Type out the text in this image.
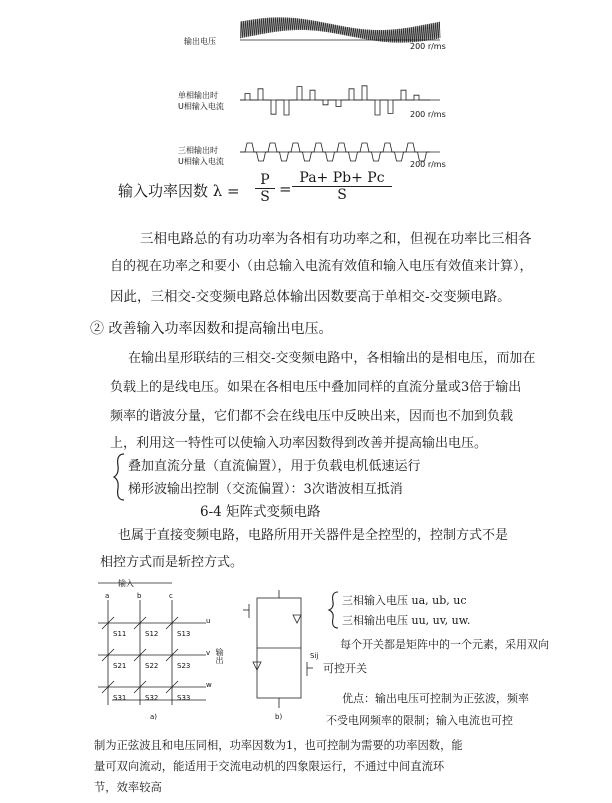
输出电压
200 r/ms
单相输出时
U相输入电流
200 r/ms
三相输出时
U相输入电流	200 r/ms
输入功率因数 λ =
P
$S = \frac{Pa+ Pb+ Pc}{S}$
三相电路总的有功功率为各相有功功率之和，但视在功率比三相各
自的视在功率之和要小（由总输入电流有效值和输入电压有效值来计算），
因此，三相交-交变频电路总体输出因数要高于单相交-交变频电路。
② 改善输入功率因数和提高输出电压。
在输出星形联结的三相交-交变频电路中，各相输出的是相电压，而加在
负载上的是线电压。如果在各相电压中叠加同样的直流分量或3倍于输出
频率的谐波分量，它们都不会在线电压中反映出来，因而也不加到负载
上，利用这一特性可以使输入功率因数得到改善并提高输出电压。
叠加直流分量（直流偏置），用于负载电机低速运行
梯形波输出控制（交流偏置）：3次谐波相互抵消
6-4 矩阵式变频电路
也属于直接变频电路，电路所用开关器件是全控型的，控制方式不是
相控方式而是斩控方式。
输入
a	b	c
u
v
w
输出
S11	S12	S13
S21	S22	S23
S31	S32	S33
a)
Sij
b)
三相输入电压 ua, ub, uc
三相输出电压 uu, uv, uw.
每个开关都是矩阵中的一个元素，采用双向
可控开关
优点：输出电压可控制为正弦波，频率
不受电网频率的限制；输入电流也可控
制为正弦波且和电压同相，功率因数为1，也可控制为需要的功率因数，能
量可双向流动，能适用于交流电动机的四象限运行，不通过中间直流环
节，效率较高
